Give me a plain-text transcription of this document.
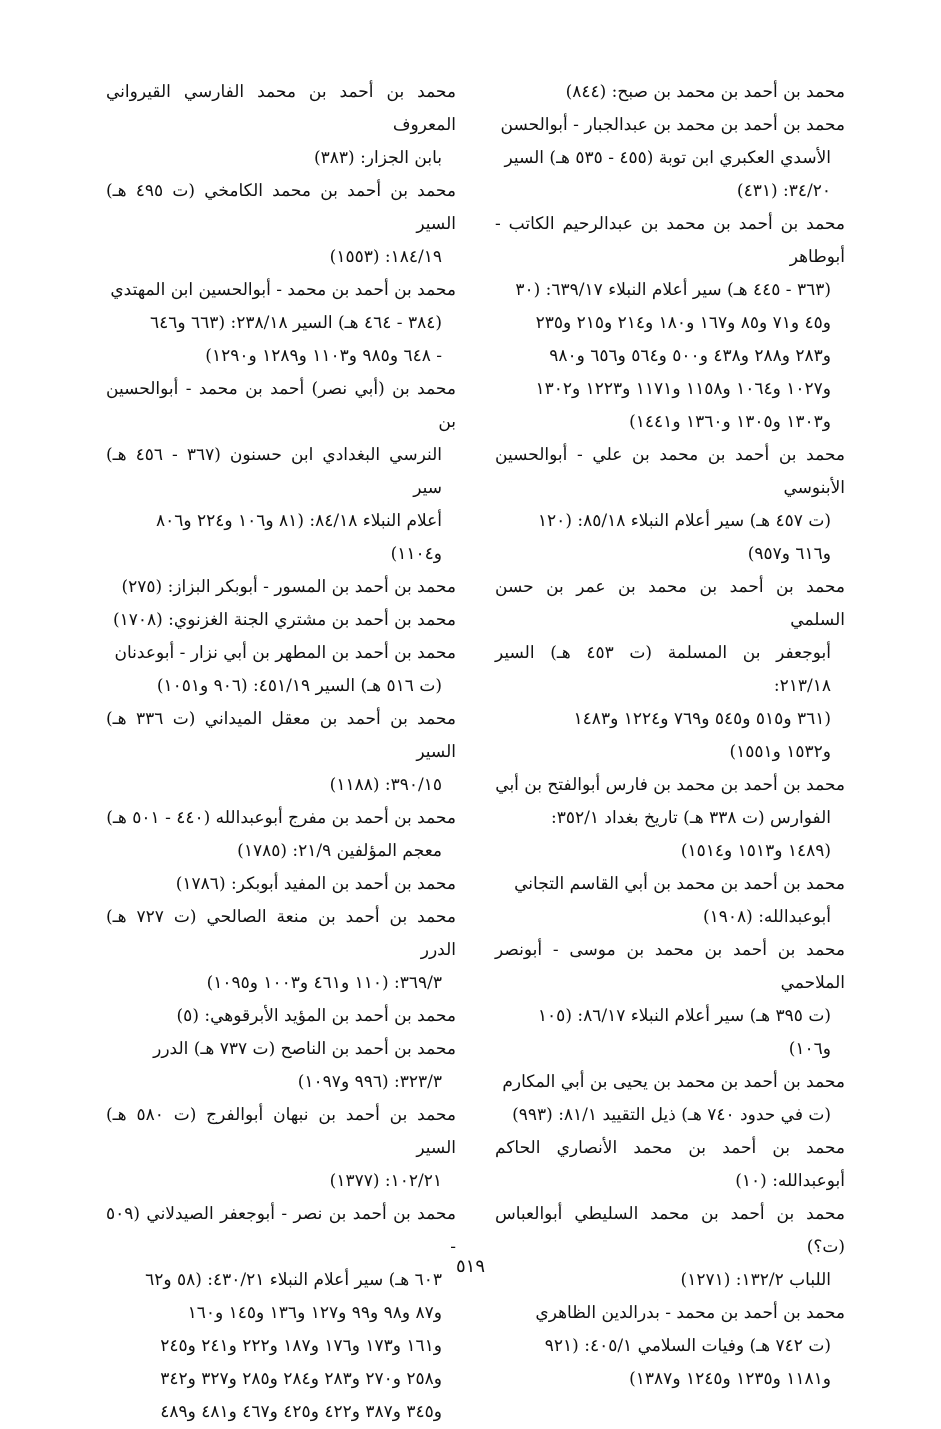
محمد بن أحمد بن محمد بن صبح: (٨٤٤)
محمد بن أحمد بن محمد بن عبدالجبار - أبوالحسن
الأسدي العكبري ابن توبة (٤٥٥ - ٥٣٥ هـ) السير
٣٤/٢٠: (٤٣١)
محمد بن أحمد بن محمد بن عبدالرحيم الكاتب - أبوطاهر
(٣٦٣ - ٤٤٥ هـ) سير أعلام النبلاء ٦٣٩/١٧: (٣٠
و٤٥ و٧١ و٨٥ و١٦٧ و١٨٠ و٢١٤ و٢١٥ و٢٣٥
و٢٨٣ و٢٨٨ و٤٣٨ و٥٠٠ و٥٦٤ و٦٥٦ و٩٨٠
و١٠٢٧ و١٠٦٤ و١١٥٨ و١١٧١ و١٢٢٣ و١٣٠٢
و١٣٠٣ و١٣٠٥ و١٣٦٠ و١٤٤١)
محمد بن أحمد بن محمد بن علي - أبوالحسين الأبنوسي
(ت ٤٥٧ هـ) سير أعلام النبلاء ٨٥/١٨: (١٢٠
و٦١٦ و٩٥٧)
محمد بن أحمد بن محمد بن عمر بن حسن السلمي
أبوجعفر بن المسلمة (ت ٤٥٣ هـ) السير ٢١٣/١٨:
(٣٦١ و٥١٥ و٥٤٥ و٧٦٩ و١٢٢٤ و١٤٨٣
و١٥٣٢ و١٥٥١)
محمد بن أحمد بن محمد بن فارس أبوالفتح بن أبي
الفوارس (ت ٣٣٨ هـ) تاريخ بغداد ٣٥٢/١:
(١٤٨٩ و١٥١٣ و١٥١٤)
محمد بن أحمد بن محمد بن أبي القاسم التجاني
أبوعبدالله: (١٩٠٨)
محمد بن أحمد بن محمد بن موسى - أبونصر الملاحمي
(ت ٣٩٥ هـ) سير أعلام النبلاء ٨٦/١٧: (١٠٥
و١٠٦)
محمد بن أحمد بن محمد بن يحيى بن أبي المكارم
(ت في حدود ٧٤٠ هـ) ذيل التقييد ٨١/١: (٩٩٣)
محمد بن أحمد بن محمد الأنصاري الحاكم أبوعبدالله: (١٠)
محمد بن أحمد بن محمد السليطي أبوالعباس (ت؟)
اللباب ١٣٢/٢: (١٢٧١)
محمد بن أحمد بن محمد - بدرالدين الظاهري
(ت ٧٤٢ هـ) وفيات السلامي ٤٠٥/١: (٩٢١
و١١٨١ و١٢٣٥ و١٢٤٥ و١٣٨٧)
محمد بن أحمد بن محمد الفارسي القيرواني المعروف
بابن الجزار: (٣٨٣)
محمد بن أحمد بن محمد الكامخي (ت ٤٩٥ هـ) السير
١٨٤/١٩: (١٥٥٣)
محمد بن أحمد بن محمد - أبوالحسين ابن المهتدي
(٣٨٤ - ٤٦٤ هـ) السير ٢٣٨/١٨: (٦٦٣ و٦٤٦
- ٦٤٨ و٩٨٥ و١١٠٣ و١٢٨٩ و١٢٩٠)
محمد بن (أبي نصر) أحمد بن محمد - أبوالحسين بن
النرسي البغدادي ابن حسنون (٣٦٧ - ٤٥٦ هـ) سير
أعلام النبلاء ٨٤/١٨: (٨١ و١٠٦ و٢٢٤ و٨٠٦
و١١٠٤)
محمد بن أحمد بن المسور - أبوبكر البزاز: (٢٧٥)
محمد بن أحمد بن مشتري الجنة الغزنوي: (١٧٠٨)
محمد بن أحمد بن المطهر بن أبي نزار - أبوعدنان
(ت ٥١٦ هـ) السير ٤٥١/١٩: (٩٠٦ و١٠٥١)
محمد بن أحمد بن معقل الميداني (ت ٣٣٦ هـ) السير
٣٩٠/١٥: (١١٨٨)
محمد بن أحمد بن مفرج أبوعبدالله (٤٤٠ - ٥٠١ هـ)
معجم المؤلفين ٢١/٩: (١٧٨٥)
محمد بن أحمد بن المفيد أبوبكر: (١٧٨٦)
محمد بن أحمد بن منعة الصالحي (ت ٧٢٧ هـ) الدرر
٣٦٩/٣: (١١٠ و٤٦١ و١٠٠٣ و١٠٩٥)
محمد بن أحمد بن المؤيد الأبرقوهي: (٥)
محمد بن أحمد بن الناصح (ت ٧٣٧ هـ) الدرر
٣٢٣/٣: (٩٩٦ و١٠٩٧)
محمد بن أحمد بن نبهان أبوالفرج (ت ٥٨٠ هـ) السير
١٠٢/٢١: (١٣٧٧)
محمد بن أحمد بن نصر - أبوجعفر الصيدلاني (٥٠٩ -
٦٠٣ هـ) سير أعلام النبلاء ٤٣٠/٢١: (٥٨ و٦٢
و٨٧ و٩٨ و٩٩ و١٢٧ و١٣٦ و١٤٥ و١٦٠
و١٦١ و١٧٣ و١٧٦ و١٨٧ و٢٢٢ و٢٤١ و٢٤٥
و٢٥٨ و٢٧٠ و٢٨٣ و٢٨٤ و٢٨٥ و٣٢٧ و٣٤٢
و٣٤٥ و٣٨٧ و٤٢٢ و٤٢٥ و٤٦٧ و٤٨١ و٤٨٩
٥١٩
